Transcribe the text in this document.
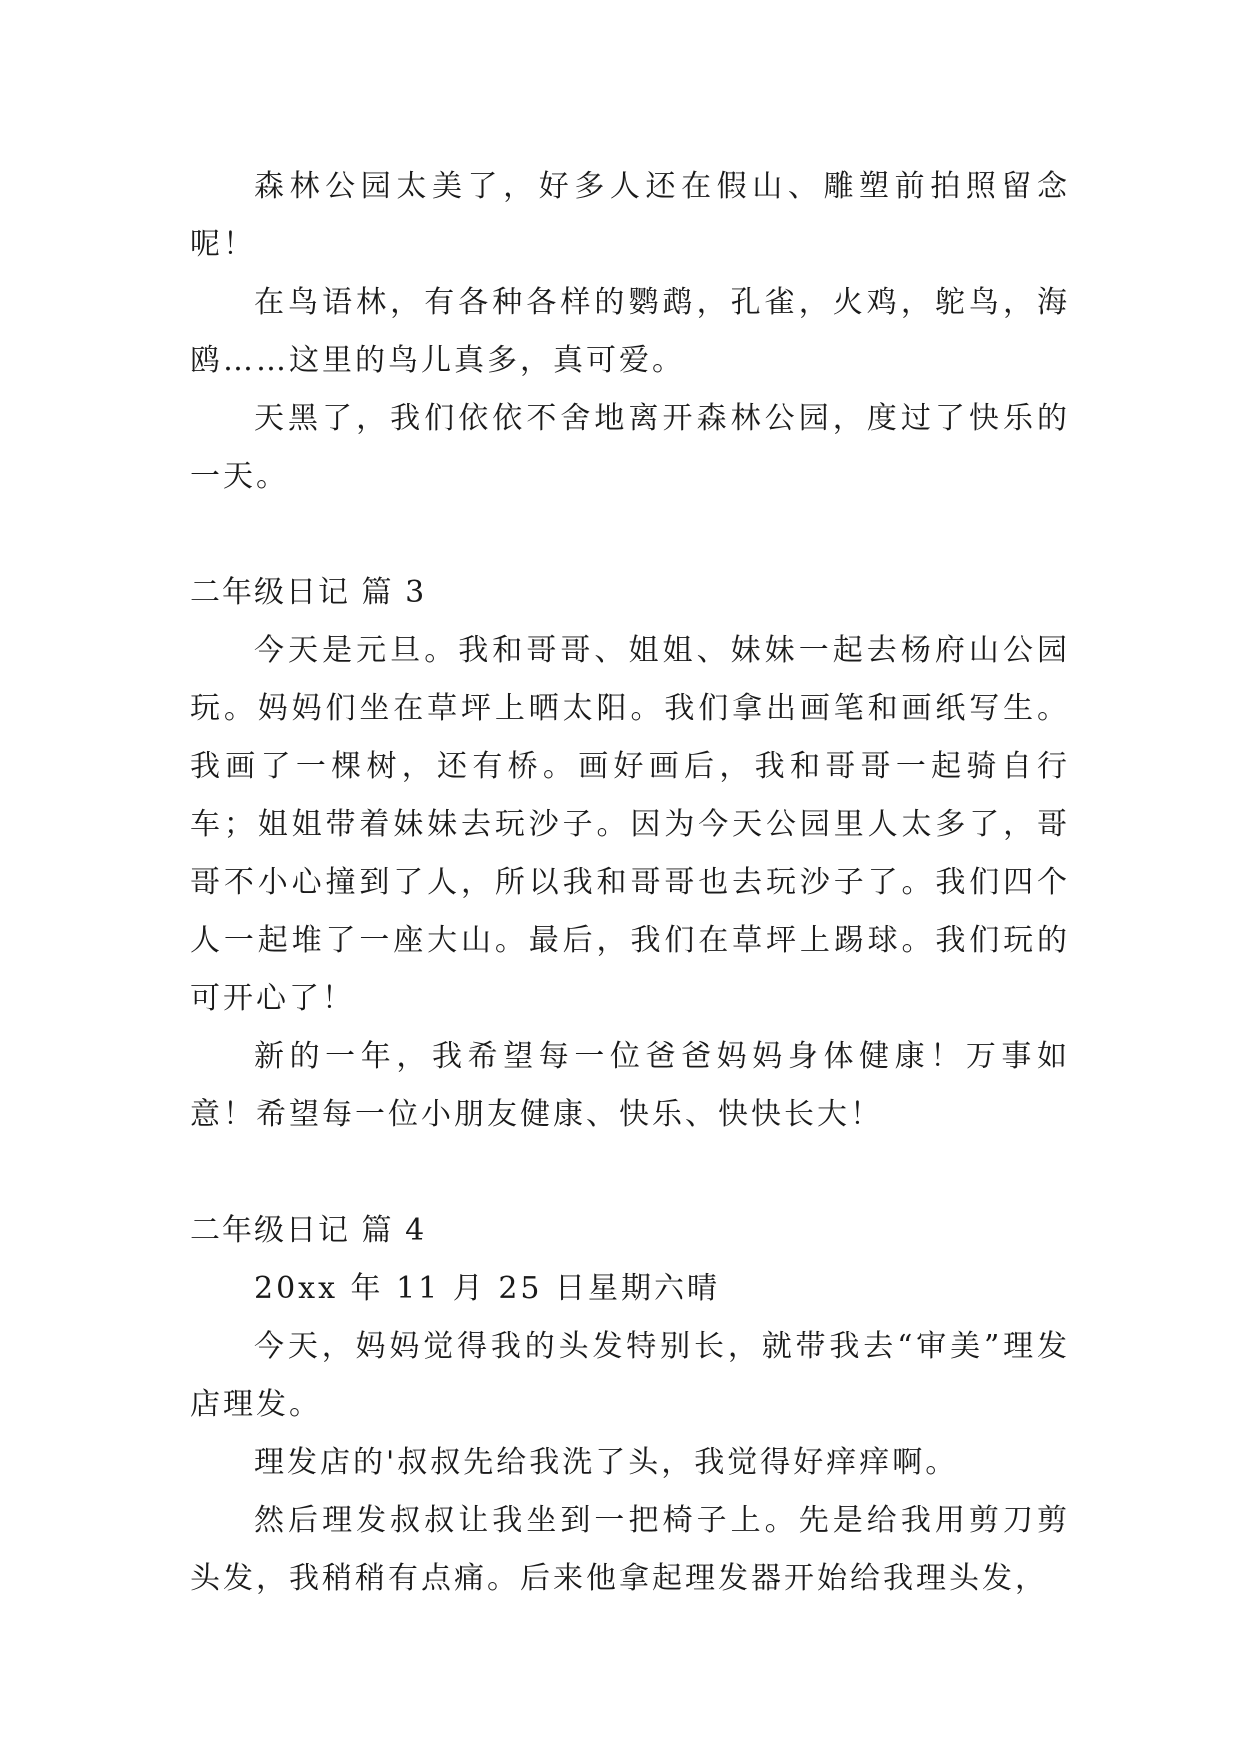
森林公园太美了，好多人还在假山、雕塑前拍照留念呢！

在鸟语林，有各种各样的鹦鹉，孔雀，火鸡，鸵鸟，海鸥……这里的鸟儿真多，真可爱。

天黑了，我们依依不舍地离开森林公园，度过了快乐的一天。

二年级日记 篇 3

今天是元旦。我和哥哥、姐姐、妹妹一起去杨府山公园玩。妈妈们坐在草坪上晒太阳。我们拿出画笔和画纸写生。我画了一棵树，还有桥。画好画后，我和哥哥一起骑自行车；姐姐带着妹妹去玩沙子。因为今天公园里人太多了，哥哥不小心撞到了人，所以我和哥哥也去玩沙子了。我们四个人一起堆了一座大山。最后，我们在草坪上踢球。我们玩的可开心了！

新的一年，我希望每一位爸爸妈妈身体健康！万事如意！希望每一位小朋友健康、快乐、快快长大！

二年级日记 篇 4

20xx 年 11 月 25 日星期六晴

今天，妈妈觉得我的头发特别长，就带我去“审美”理发店理发。

理发店的'叔叔先给我洗了头，我觉得好痒痒啊。

然后理发叔叔让我坐到一把椅子上。先是给我用剪刀剪头发，我稍稍有点痛。后来他拿起理发器开始给我理头发，
